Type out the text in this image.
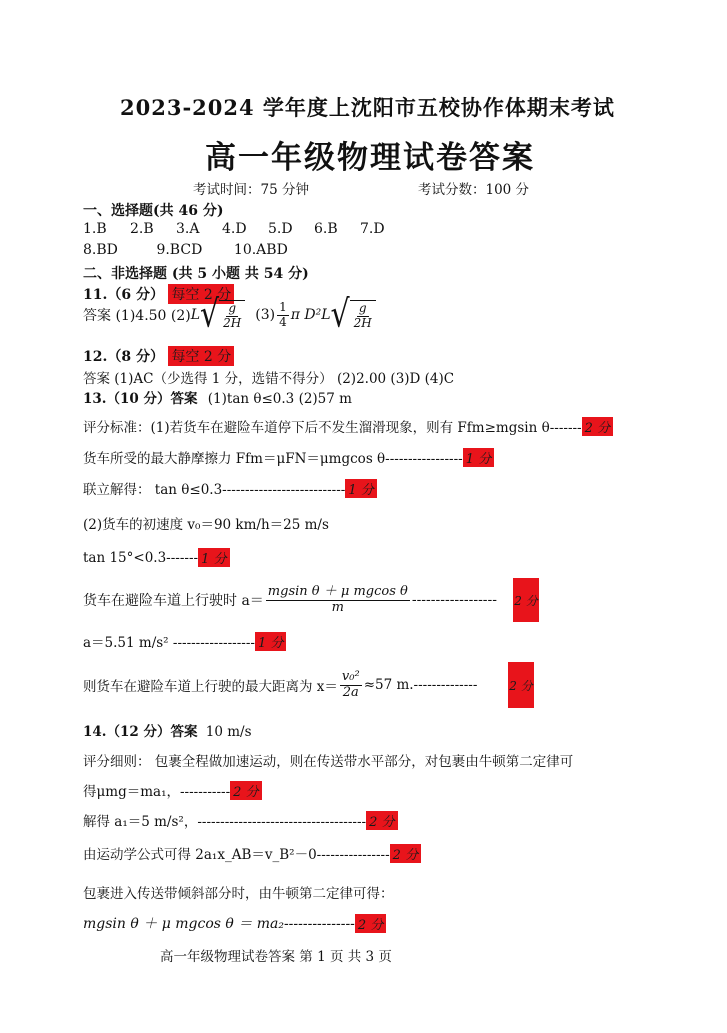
2023-2024 学年度上沈阳市五校协作体期末考试
高一年级物理试卷答案
考试时间：75 分钟	考试分数：100 分
一、选择题(共 46 分)
1.B	2.B	3.A	4.D	5.D	6.B	7.D
8.BD	9.BCD 10.ABD
二、非选择题 (共 5 小题 共 54 分)
11.（6 分） 每空 2 分
答案 (1)4.50 (2) L √ $\frac{g}{2H} (3) \frac{1}{4}$ π D²L √ $\frac{g}{2H}$
12.（8 分） 每空 2 分
答案 (1)AC（少选得 1 分，选错不得分） (2)2.00 (3)D (4)C
13.（10 分）答案 (1)tan θ≤0.3 (2)57 m
评分标准：(1)若货车在避险车道停下后不发生溜滑现象，则有 Ffm≥mgsin θ------- 2 分
货车所受的最大静摩擦力 Ffm＝μFN＝μmgcos θ----------------- 1 分
联立解得： tan θ≤0.3--------------------------- 1 分
(2)货车的初速度 v₀＝90 km/h＝25 m/s
tan 15°<0.3------- 1 分
货车在避险车道上行驶时 $a= \frac{\text{mgsin θ ＋ μ mgcos θ}}{m}$ ------------------ 2 分
a＝5.51 m/s² ------------------ 1 分
则货车在避险车道上行驶的最大距离为 $x= \frac{\text{v₀²}}{2a} \approx 57$ m.--------------	2 分
14.（12 分）答案 10 m/s
评分细则： 包裹全程做加速运动，则在传送带水平部分，对包裹由牛顿第二定律可
得μmg＝ma₁，----------- 2 分
解得 a₁＝5 m/s²，------------------------------------- 2 分
由运动学公式可得 2a₁x_AB＝v_B²－0---------------- 2 分
包裹进入传送带倾斜部分时，由牛顿第二定律可得：
mgsin θ ＋ μ mgcos θ ＝ ma₂--------------- 2 分
高一年级物理试卷答案 第 1 页 共 3 页
